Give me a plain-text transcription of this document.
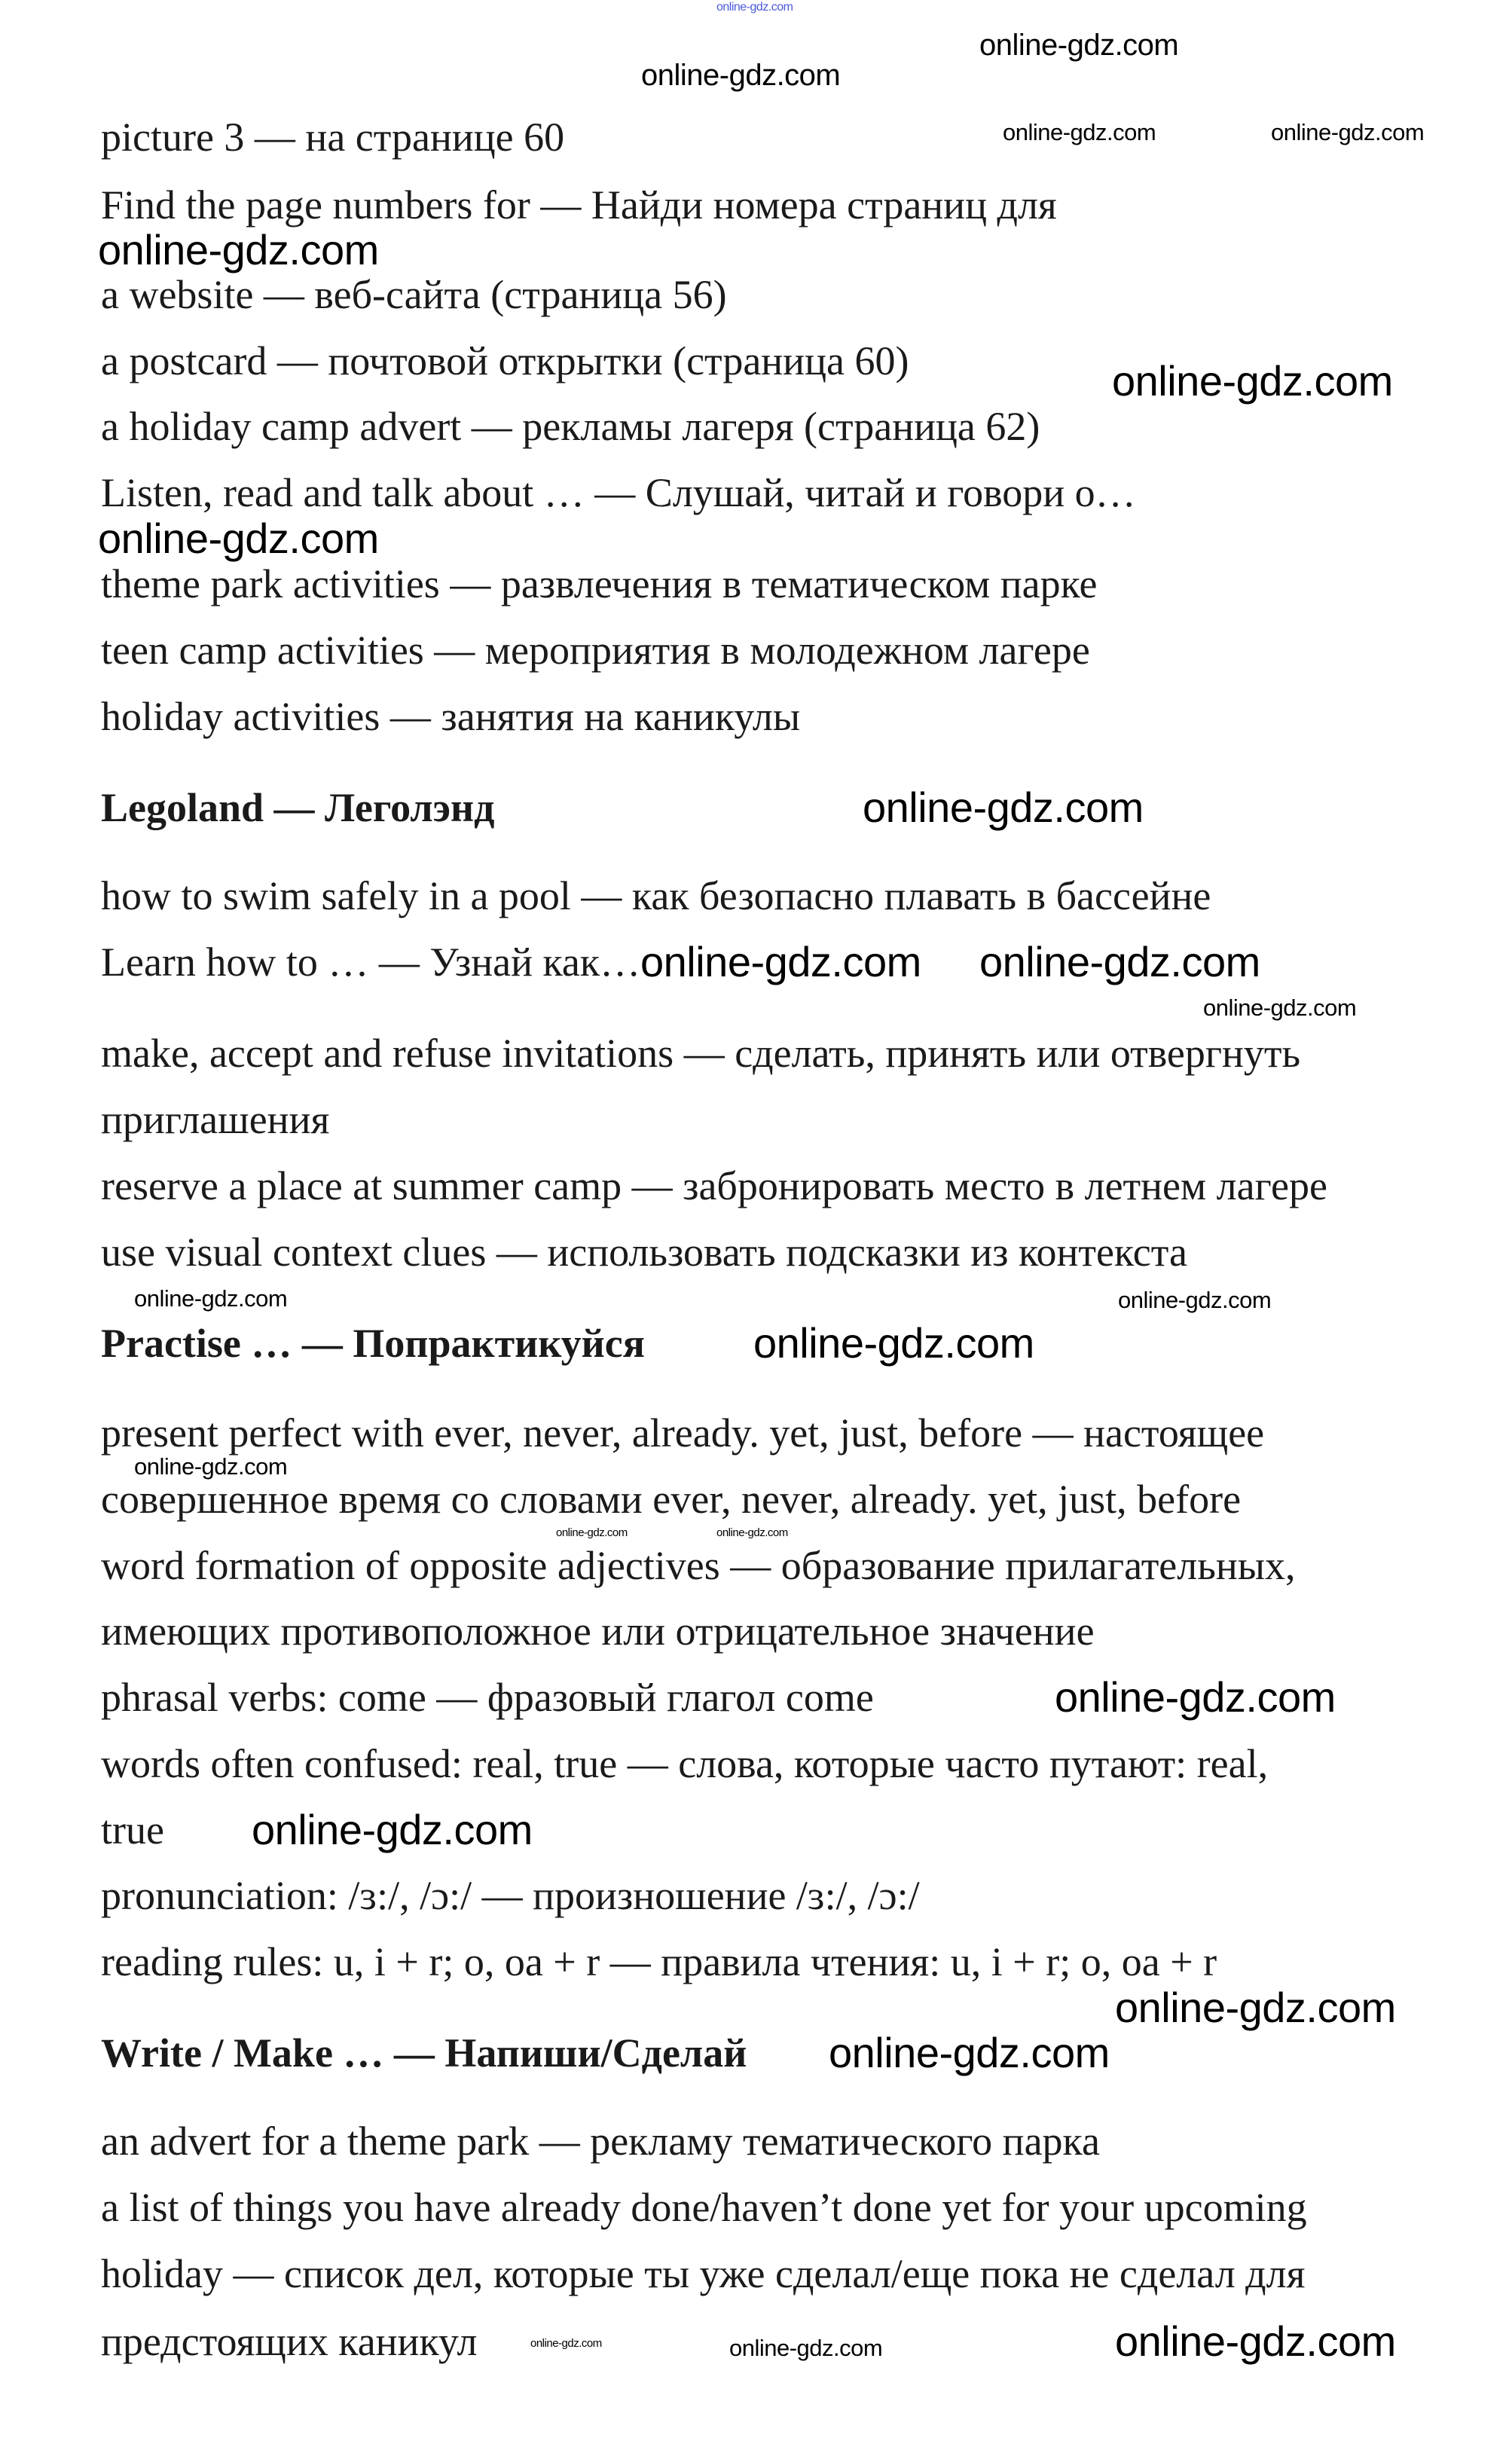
online-gdz.com
picture 3 — на странице 60
Find the page numbers for — Найди номера страниц для
a website — веб-сайта (страница 56)
a postcard — почтовой открытки (страница 60)
a holiday camp advert — рекламы лагеря (страница 62)
Listen, read and talk about … — Слушай, читай и говори о…
theme park activities — развлечения в тематическом парке
teen camp activities — мероприятия в молодежном лагере
holiday activities — занятия на каникулы
Legoland — Леголэнд
how to swim safely in a pool — как безопасно плавать в бассейне
Learn how to … — Узнай как…
make, accept and refuse invitations — сделать, принять или отвергнуть
приглашения
reserve a place at summer camp — забронировать место в летнем лагере
use visual context clues — использовать подсказки из контекста
Practise … — Попрактикуйся
present perfect with ever, never, already. yet, just, before — настоящее
совершенное время со словами ever, never, already. yet, just, before
word formation of opposite adjectives — образование прилагательных,
имеющих противоположное или отрицательное значение
phrasal verbs: come — фразовый глагол come
words often confused: real, true — слова, которые часто путают: real,
true
pronunciation: /ɜ:/, /ɔ:/ — произношение /ɜ:/, /ɔ:/
reading rules: u, i + r; o, oa + r — правила чтения: u, i + r; o, oa + r
Write / Make … — Напиши/Сделай
an advert for a theme park — рекламу тематического парка
a list of things you have already done/haven’t done yet for your upcoming
holiday — список дел, которые ты уже сделал/еще пока не сделал для
предстоящих каникул
online-gdz.com	online-gdz.com
online-gdz.com
online-gdz.com
online-gdz.com
online-gdz.com
online-gdz.com
online-gdz.com
online-gdz.com online-gdz.com
online-gdz.com
online-gdz.com
online-gdz.com
online-gdz.com
online-gdz.com
online-gdz.com	online-gdz.com
online-gdz.com
online-gdz.com
online-gdz.com
online-gdz.com
online-gdz.com
online-gdz.com	online-gdz.com
